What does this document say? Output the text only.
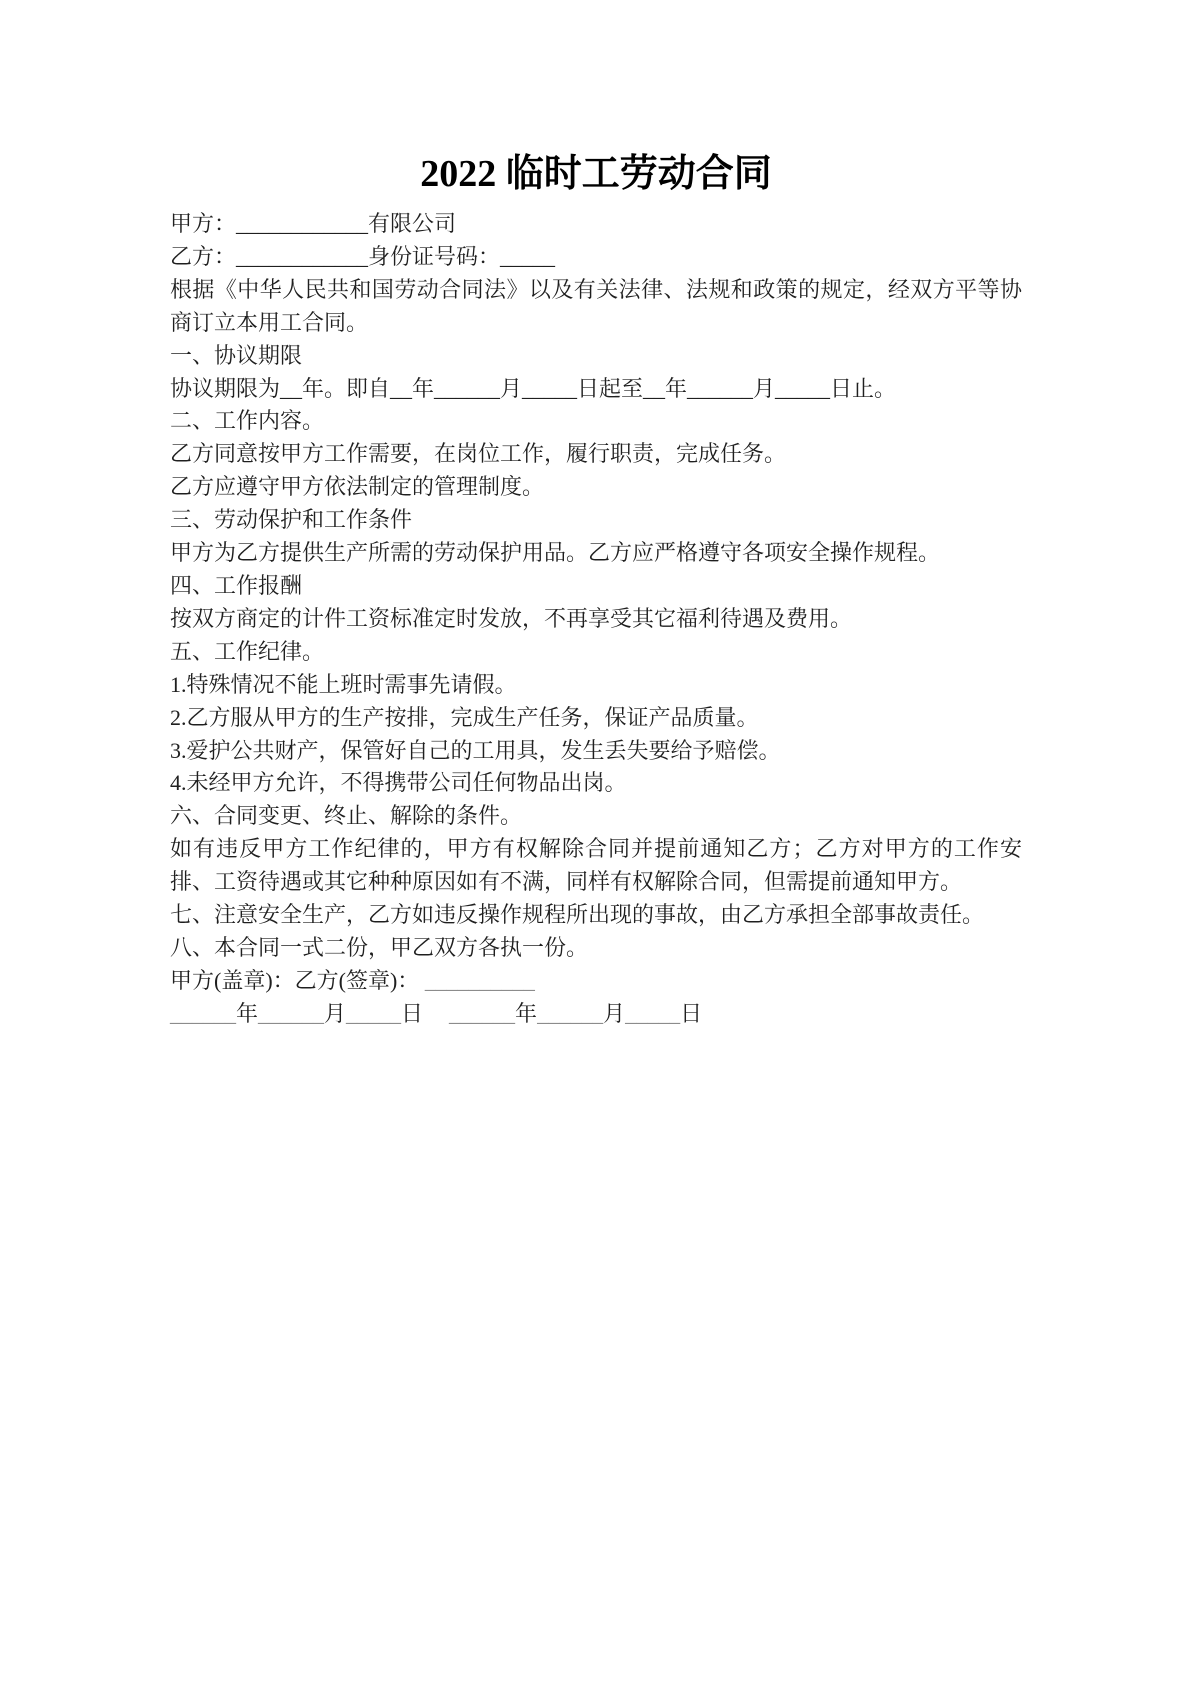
2022 临时工劳动合同

甲方：____________有限公司

乙方：____________身份证号码：_____

根据《中华人民共和国劳动合同法》以及有关法律、法规和政策的规定，经双方平等协商订立本用工合同。

一、协议期限

协议期限为__年。即自__年______月_____日起至__年______月_____日止。

二、工作内容。

乙方同意按甲方工作需要，在岗位工作，履行职责，完成任务。

乙方应遵守甲方依法制定的管理制度。

三、劳动保护和工作条件

甲方为乙方提供生产所需的劳动保护用品。乙方应严格遵守各项安全操作规程。

四、工作报酬

按双方商定的计件工资标准定时发放，不再享受其它福利待遇及费用。

五、工作纪律。

1.特殊情况不能上班时需事先请假。

2.乙方服从甲方的生产按排，完成生产任务，保证产品质量。

3.爱护公共财产，保管好自己的工用具，发生丢失要给予赔偿。

4.未经甲方允许，不得携带公司任何物品出岗。

六、合同变更、终止、解除的条件。

如有违反甲方工作纪律的，甲方有权解除合同并提前通知乙方；乙方对甲方的工作安排、工资待遇或其它种种原因如有不满，同样有权解除合同，但需提前通知甲方。

七、注意安全生产，乙方如违反操作规程所出现的事故，由乙方承担全部事故责任。

八、本合同一式二份，甲乙双方各执一份。

甲方(盖章)：乙方(签章)： __________

______年______月_____日 ______年______月_____日
